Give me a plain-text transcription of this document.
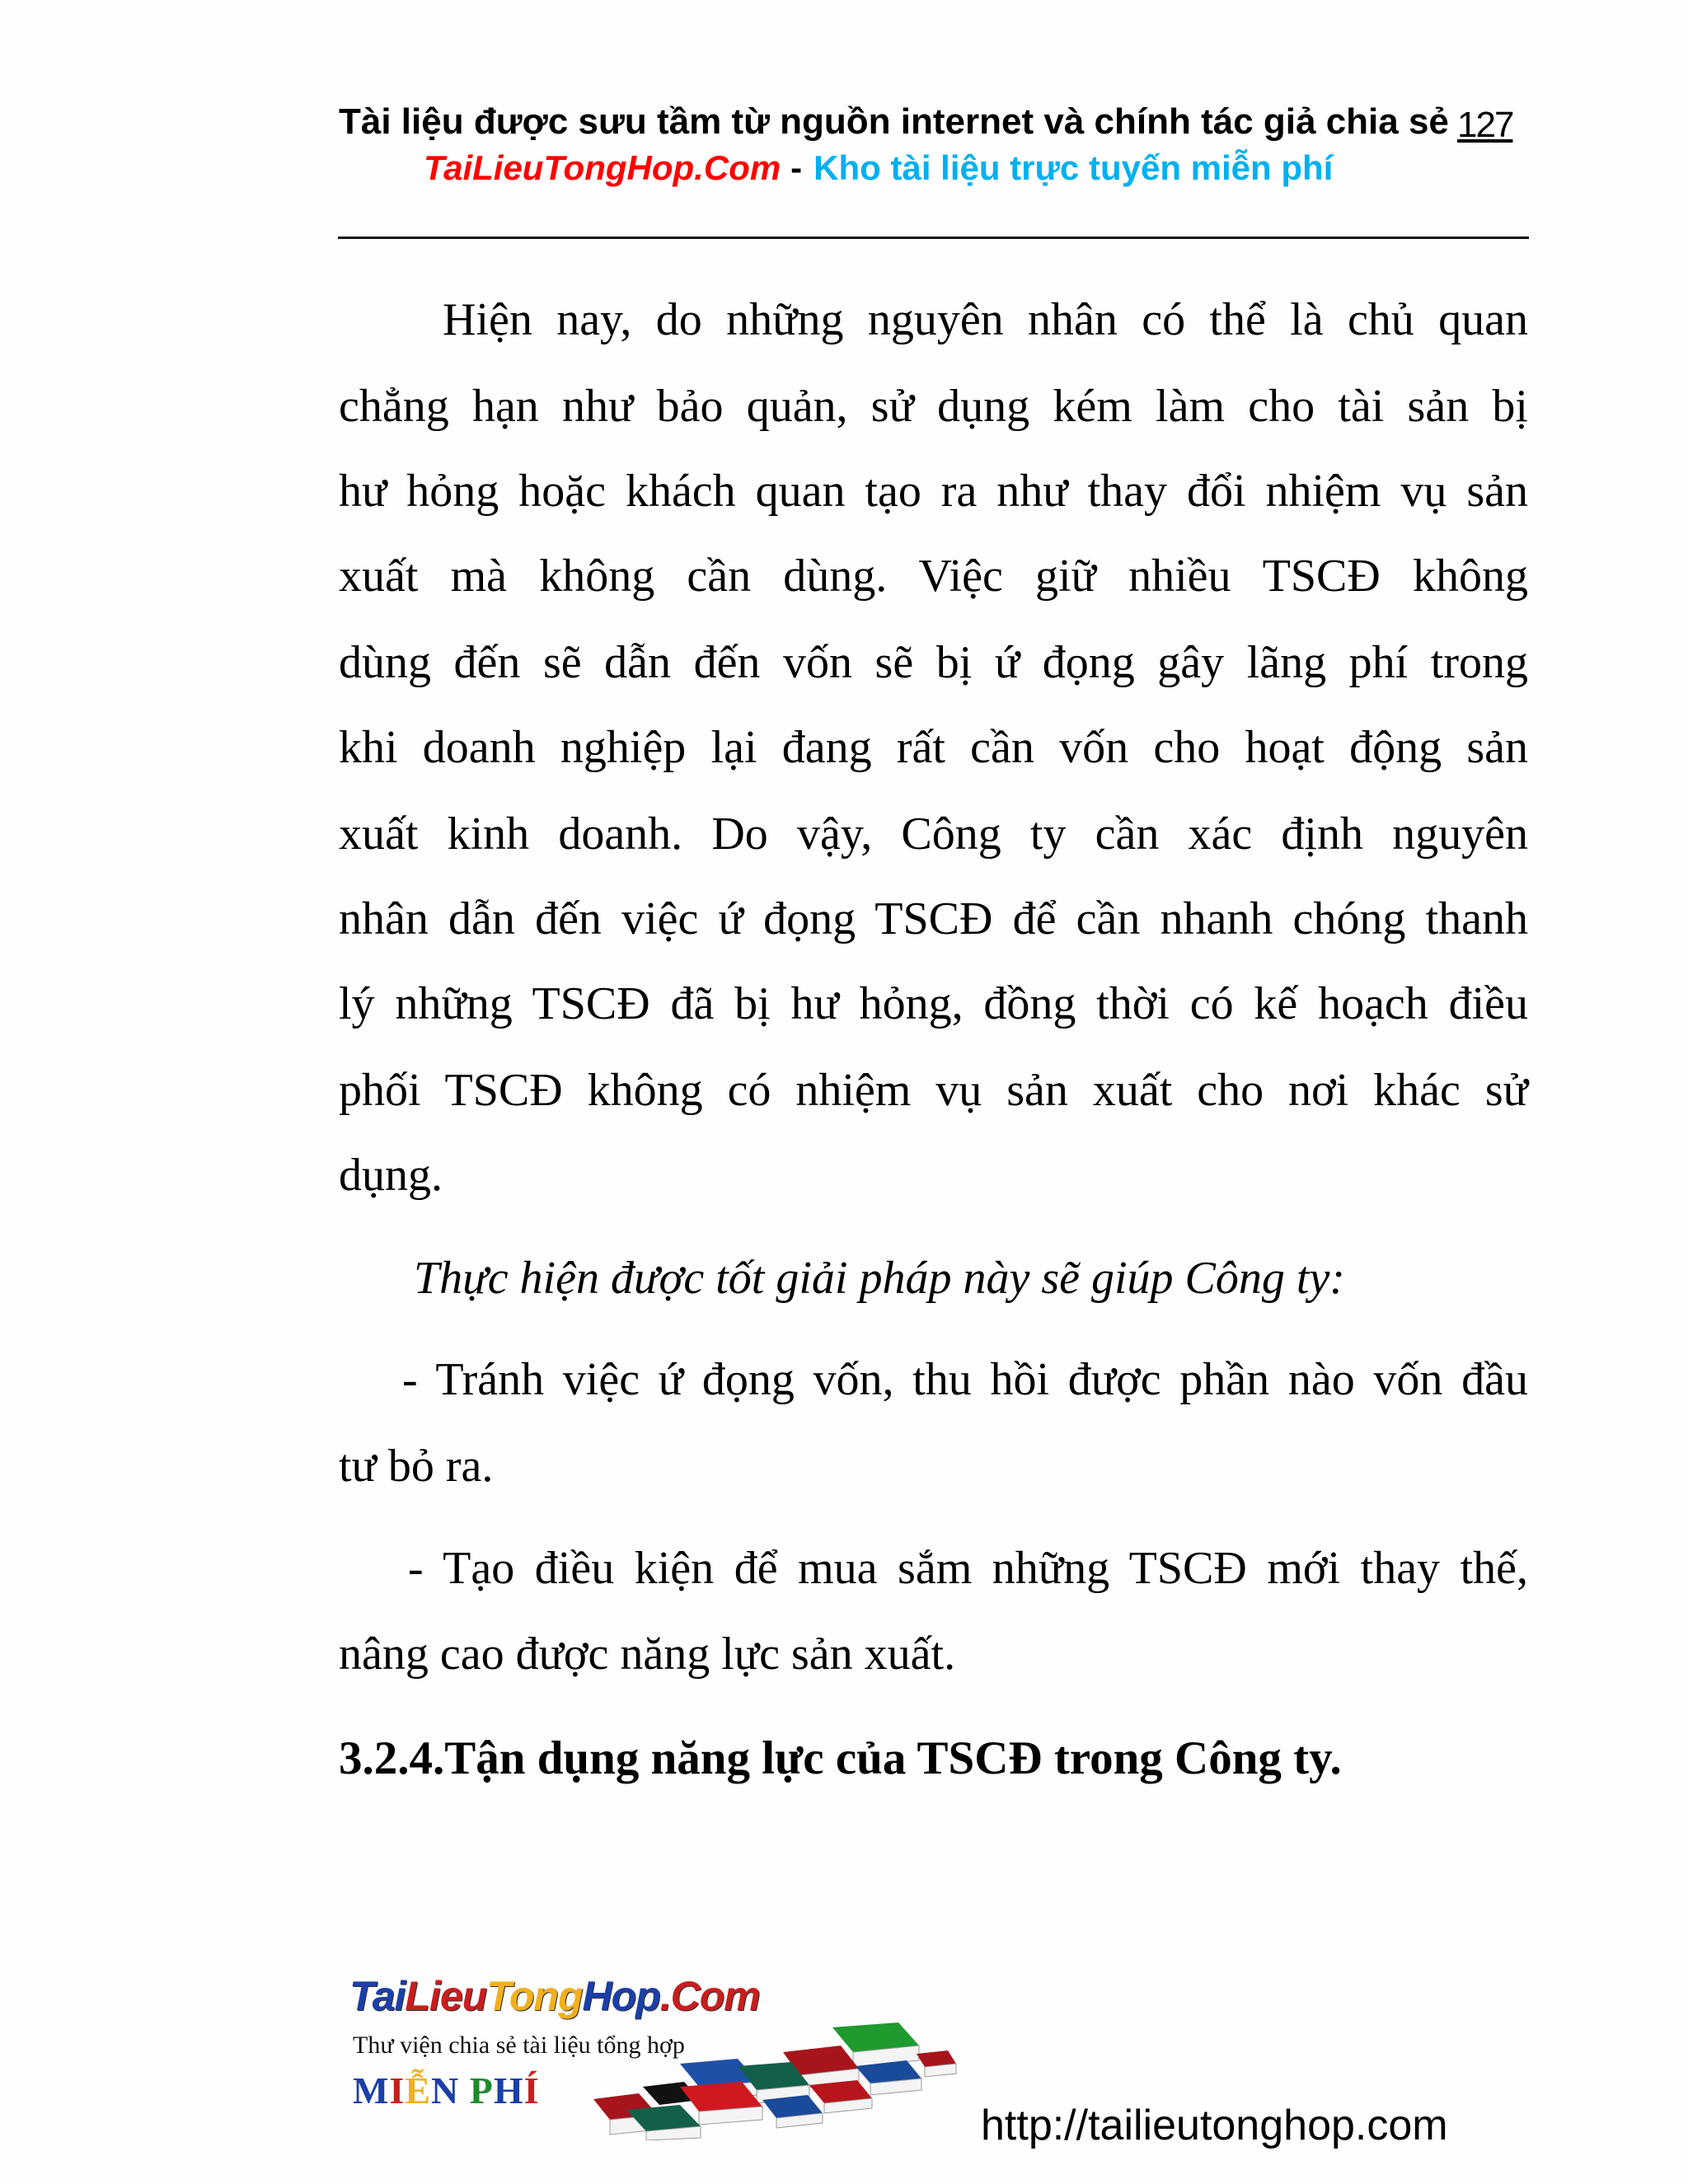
Tài liệu được sưu tầm từ nguồn internet và chính tác giả chia sẻ 127
TaiLieuTongHop.Com - Kho tài liệu trực tuyến miễn phí
Hiện nay, do những nguyên nhân có thể là chủ quan
chẳng hạn như bảo quản, sử dụng kém làm cho tài sản bị
hư hỏng hoặc khách quan tạo ra như thay đổi nhiệm vụ sản
xuất mà không cần dùng. Việc giữ nhiều TSCĐ không
dùng đến sẽ dẫn đến vốn sẽ bị ứ đọng gây lãng phí trong
khi doanh nghiệp lại đang rất cần vốn cho hoạt động sản
xuất kinh doanh. Do vậy, Công ty cần xác định nguyên
nhân dẫn đến việc ứ đọng TSCĐ để cần nhanh chóng thanh
lý những TSCĐ đã bị hư hỏng, đồng thời có kế hoạch điều
phối TSCĐ không có nhiệm vụ sản xuất cho nơi khác sử
dụng.
Thực hiện được tốt giải pháp này sẽ giúp Công ty:
- Tránh việc ứ đọng vốn, thu hồi được phần nào vốn đầu
tư bỏ ra.
- Tạo điều kiện để mua sắm những TSCĐ mới thay thế,
nâng cao được năng lực sản xuất.
3.2.4.Tận dụng năng lực của TSCĐ trong Công ty.
TaiLieuTongHop.Com
Thư viện chia sẻ tài liệu tổng hợp
MIỄN PHÍ
http://tailieutonghop.com
